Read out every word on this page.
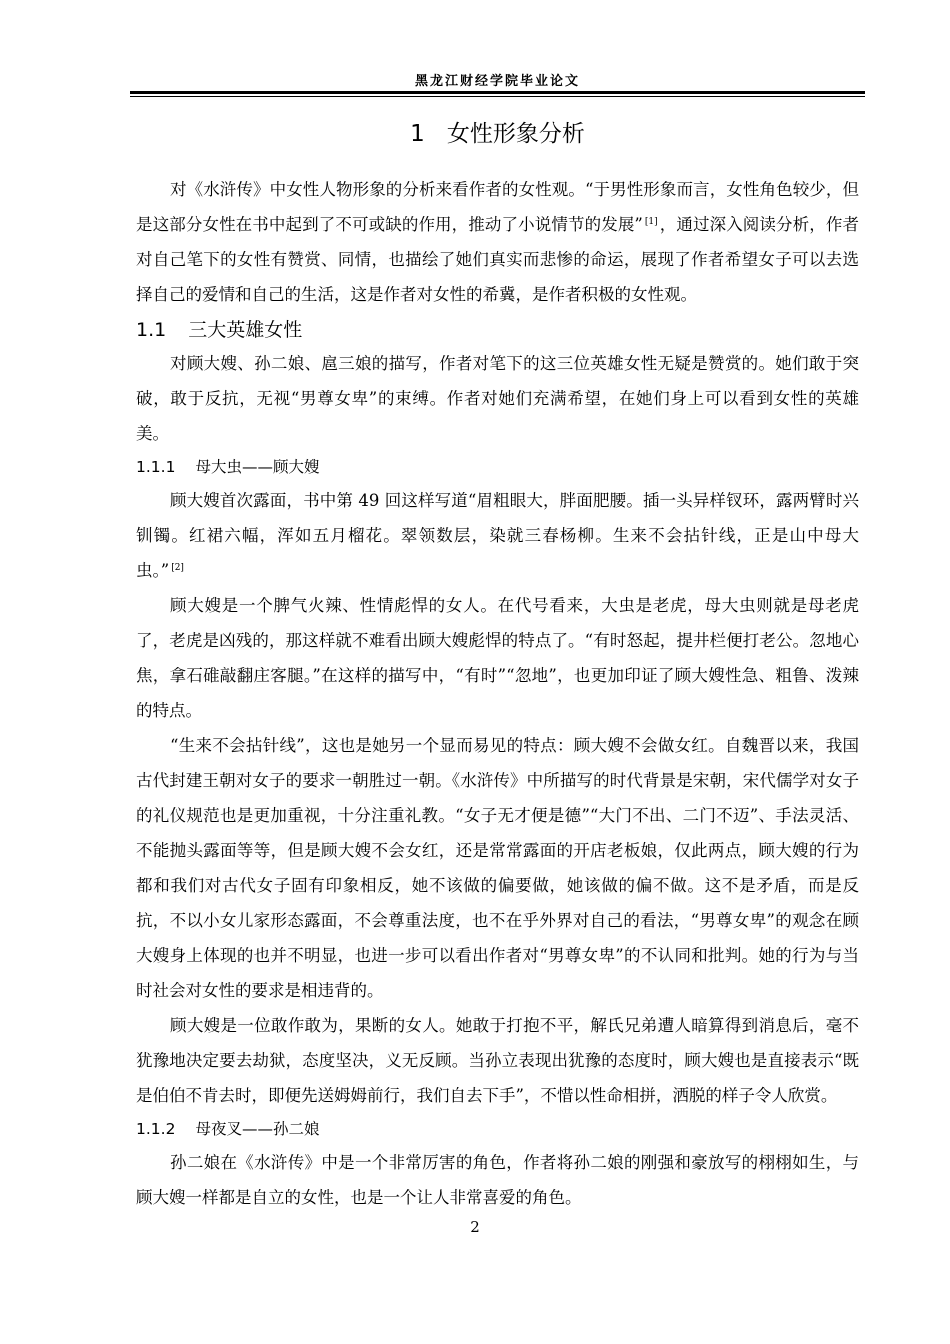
黑龙江财经学院毕业论文
1 女性形象分析

对《水浒传》中女性人物形象的分析来看作者的女性观。“于男性形象而言，女性角色较少，但是这部分女性在书中起到了不可或缺的作用，推动了小说情节的发展” [1] ，通过深入阅读分析，作者对自己笔下的女性有赞赏、同情，也描绘了她们真实而悲惨的命运，展现了作者希望女子可以去选择自己的爱情和自己的生活，这是作者对女性的希冀，是作者积极的女性观。

1.1 三大英雄女性

对顾大嫂、孙二娘、扈三娘的描写，作者对笔下的这三位英雄女性无疑是赞赏的。她们敢于突破，敢于反抗，无视“男尊女卑”的束缚。作者对她们充满希望，在她们身上可以看到女性的英雄美。

1.1.1 母大虫——顾大嫂

顾大嫂首次露面，书中第 49 回这样写道“眉粗眼大，胖面肥腰。插一头异样钗环，露两臂时兴钏镯。红裙六幅，浑如五月榴花。翠领数层，染就三春杨柳。生来不会拈针线，正是山中母大虫。” [2]

顾大嫂是一个脾气火辣、性情彪悍的女人。在代号看来，大虫是老虎，母大虫则就是母老虎了，老虎是凶残的，那这样就不难看出顾大嫂彪悍的特点了。“有时怒起，提井栏便打老公。忽地心焦，拿石碓敲翻庄客腿。”在这样的描写中，“有时”“忽地”，也更加印证了顾大嫂性急、粗鲁、泼辣的特点。

“生来不会拈针线”，这也是她另一个显而易见的特点：顾大嫂不会做女红。自魏晋以来，我国古代封建王朝对女子的要求一朝胜过一朝。《水浒传》中所描写的时代背景是宋朝，宋代儒学对女子的礼仪规范也是更加重视，十分注重礼教。“女子无才便是德”“大门不出、二门不迈”、手法灵活、不能抛头露面等等，但是顾大嫂不会女红，还是常常露面的开店老板娘，仅此两点，顾大嫂的行为都和我们对古代女子固有印象相反，她不该做的偏要做，她该做的偏不做。这不是矛盾，而是反抗，不以小女儿家形态露面，不会尊重法度，也不在乎外界对自己的看法，“男尊女卑”的观念在顾大嫂身上体现的也并不明显，也进一步可以看出作者对“男尊女卑”的不认同和批判。她的行为与当时社会对女性的要求是相违背的。

顾大嫂是一位敢作敢为，果断的女人。她敢于打抱不平，解氏兄弟遭人暗算得到消息后，毫不犹豫地决定要去劫狱，态度坚决，义无反顾。当孙立表现出犹豫的态度时，顾大嫂也是直接表示“既是伯伯不肯去时，即便先送姆姆前行，我们自去下手”，不惜以性命相拼，洒脱的样子令人欣赏。

1.1.2 母夜叉——孙二娘

孙二娘在《水浒传》中是一个非常厉害的角色，作者将孙二娘的刚强和豪放写的栩栩如生，与顾大嫂一样都是自立的女性，也是一个让人非常喜爱的角色。

2
